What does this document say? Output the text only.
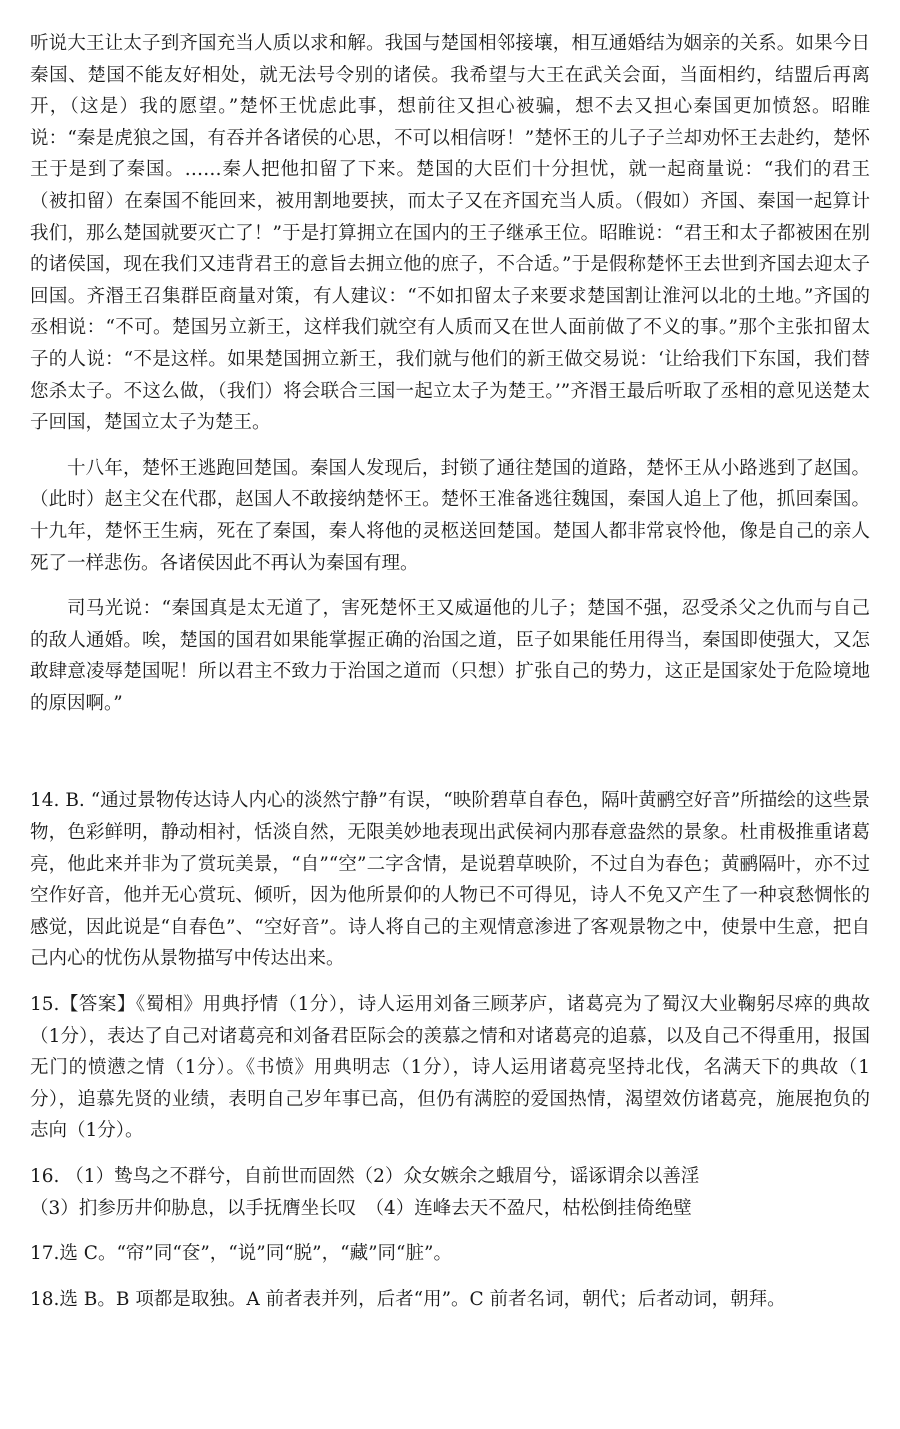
听说大王让太子到齐国充当人质以求和解。我国与楚国相邻接壤，相互通婚结为姻亲的关系。如果今日秦国、楚国不能友好相处，就无法号令别的诸侯。我希望与大王在武关会面，当面相约，结盟后再离开，（这是）我的愿望。”楚怀王忧虑此事，想前往又担心被骗，想不去又担心秦国更加愤怒。昭睢说：“秦是虎狼之国，有吞并各诸侯的心思，不可以相信呀！”楚怀王的儿子子兰却劝怀王去赴约，楚怀王于是到了秦国。……秦人把他扣留了下来。楚国的大臣们十分担忧，就一起商量说：“我们的君王（被扣留）在秦国不能回来，被用割地要挟，而太子又在齐国充当人质。（假如）齐国、秦国一起算计我们，那么楚国就要灭亡了！”于是打算拥立在国内的王子继承王位。昭睢说：“君王和太子都被困在别的诸侯国，现在我们又违背君王的意旨去拥立他的庶子，不合适。”于是假称楚怀王去世到齐国去迎太子回国。齐湣王召集群臣商量对策，有人建议：“不如扣留太子来要求楚国割让淮河以北的土地。”齐国的丞相说：“不可。楚国另立新王，这样我们就空有人质而又在世人面前做了不义的事。”那个主张扣留太子的人说：“不是这样。如果楚国拥立新王，我们就与他们的新王做交易说：‘让给我们下东国，我们替您杀太子。不这么做，（我们）将会联合三国一起立太子为楚王。’”齐湣王最后听取了丞相的意见送楚太子回国，楚国立太子为楚王。

十八年，楚怀王逃跑回楚国。秦国人发现后，封锁了通往楚国的道路，楚怀王从小路逃到了赵国。（此时）赵主父在代郡，赵国人不敢接纳楚怀王。楚怀王准备逃往魏国，秦国人追上了他，抓回秦国。十九年，楚怀王生病，死在了秦国，秦人将他的灵柩送回楚国。楚国人都非常哀怜他，像是自己的亲人死了一样悲伤。各诸侯因此不再认为秦国有理。

司马光说：“秦国真是太无道了，害死楚怀王又威逼他的儿子；楚国不强，忍受杀父之仇而与自己的敌人通婚。唉，楚国的国君如果能掌握正确的治国之道，臣子如果能任用得当，秦国即使强大，又怎敢肆意凌辱楚国呢！所以君主不致力于治国之道而（只想）扩张自己的势力，这正是国家处于危险境地的原因啊。”

14. B. “通过景物传达诗人内心的淡然宁静”有误，“映阶碧草自春色，隔叶黄鹂空好音”所描绘的这些景物，色彩鲜明，静动相衬，恬淡自然，无限美妙地表现出武侯祠内那春意盎然的景象。杜甫极推重诸葛亮，他此来并非为了赏玩美景，“自”“空”二字含情，是说碧草映阶，不过自为春色；黄鹂隔叶，亦不过空作好音，他并无心赏玩、倾听，因为他所景仰的人物已不可得见，诗人不免又产生了一种哀愁惆怅的感觉，因此说是“自春色”、“空好音”。诗人将自己的主观情意渗进了客观景物之中，使景中生意，把自己内心的忧伤从景物描写中传达出来。

15.【答案】《蜀相》用典抒情（1分），诗人运用刘备三顾茅庐，诸葛亮为了蜀汉大业鞠躬尽瘁的典故（1分），表达了自己对诸葛亮和刘备君臣际会的羡慕之情和对诸葛亮的追慕，以及自己不得重用，报国无门的愤懑之情（1分）。《书愤》用典明志（1分），诗人运用诸葛亮坚持北伐，名满天下的典故（1分），追慕先贤的业绩，表明自己岁年事已高，但仍有满腔的爱国热情，渴望效仿诸葛亮，施展抱负的志向（1分）。

16. （1）鸷鸟之不群兮，自前世而固然（2）众女嫉余之蛾眉兮，谣诼谓余以善淫
（3）扪参历井仰胁息，以手抚膺坐长叹　（4）连峰去天不盈尺，枯松倒挂倚绝壁

17.选 C。“帘”同“奁”，“说”同“脱”，“藏”同“脏”。

18.选 B。B 项都是取独。A 前者表并列，后者“用”。C 前者名词，朝代；后者动词，朝拜。
